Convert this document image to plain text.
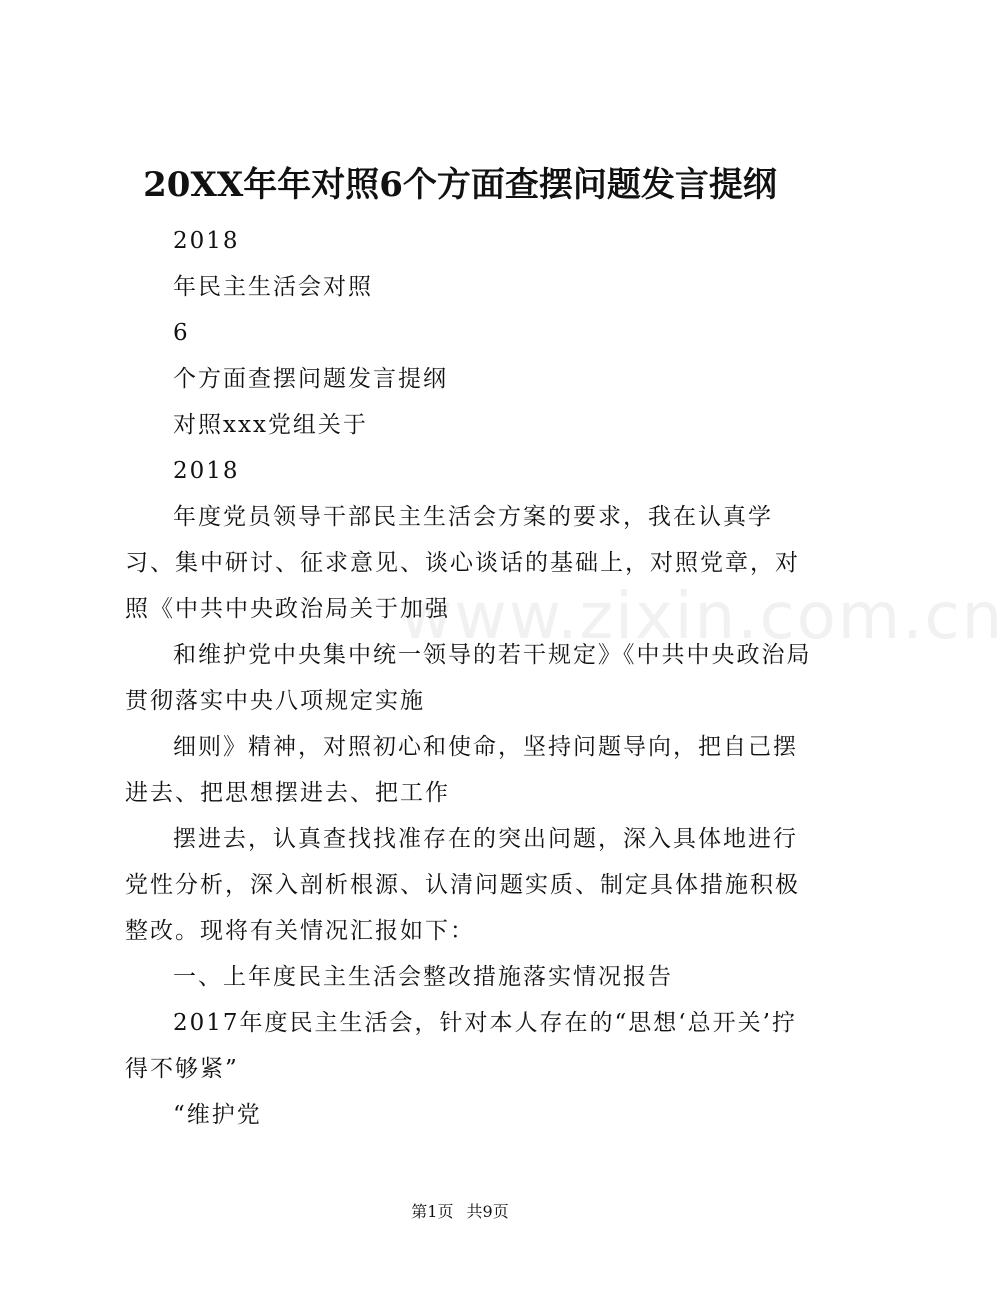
20XX年年对照6个方面查摆问题发言提纲

2018

年民主生活会对照

6

个方面查摆问题发言提纲

对照xxx党组关于

2018

年度党员领导干部民主生活会方案的要求，我在认真学习、集中研讨、征求意见、谈心谈话的基础上，对照党章，对照《中共中央政治局关于加强

和维护党中央集中统一领导的若干规定》《中共中央政治局贯彻落实中央八项规定实施

细则》精神，对照初心和使命，坚持问题导向，把自己摆进去、把思想摆进去、把工作

摆进去，认真查找找准存在的突出问题，深入具体地进行党性分析，深入剖析根源、认清问题实质、制定具体措施积极整改。现将有关情况汇报如下：

一、上年度民主生活会整改措施落实情况报告

2017年度民主生活会，针对本人存在的“思想‘总开关’拧得不够紧”

“维护党

www.zixin.com.cn
第1页 共9页
